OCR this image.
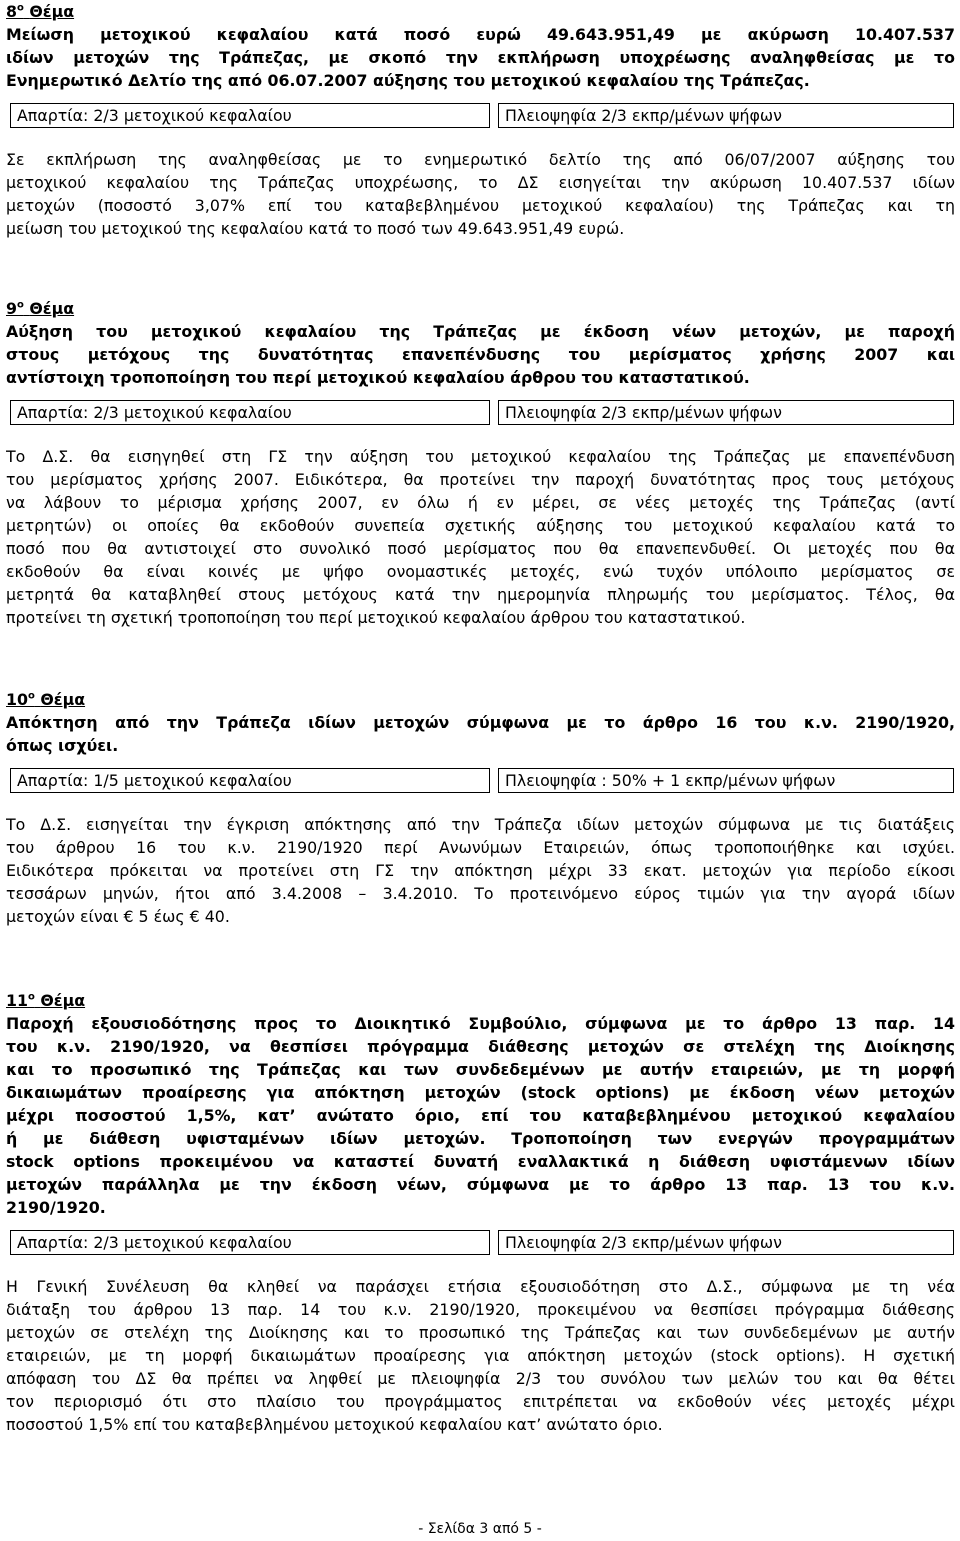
$8^o$ Θέμα
Μείωση μετοχικού κεφαλαίου κατά ποσό ευρώ 49.643.951,49 με ακύρωση 10.407.537
ιδίων μετοχών της Τράπεζας, με σκοπό την εκπλήρωση υποχρέωσης αναληφθείσας με το
Ενημερωτικό Δελτίο της από 06.07.2007 αύξησης του μετοχικού κεφαλαίου της Τράπεζας.
Απαρτία: 2/3 μετοχικού κεφαλαίου	Πλειοψηφία 2/3 εκπρ/μένων ψήφων
Σε εκπλήρωση της αναληφθείσας με το ενημερωτικό δελτίο της από 06/07/2007 αύξησης του
μετοχικού κεφαλαίου της Τράπεζας υποχρέωσης, το ΔΣ εισηγείται την ακύρωση 10.407.537 ιδίων
μετοχών (ποσοστό 3,07% επί του καταβεβλημένου μετοχικού κεφαλαίου) της Τράπεζας και τη
μείωση του μετοχικού της κεφαλαίου κατά το ποσό των 49.643.951,49 ευρώ.
$9^o$ Θέμα
Αύξηση του μετοχικού κεφαλαίου της Τράπεζας με έκδοση νέων μετοχών, με παροχή
στους μετόχους της δυνατότητας επανεπένδυσης του μερίσματος χρήσης 2007 και
αντίστοιχη τροποποίηση του περί μετοχικού κεφαλαίου άρθρου του καταστατικού.
Απαρτία: 2/3 μετοχικού κεφαλαίου	Πλειοψηφία 2/3 εκπρ/μένων ψήφων
Το Δ.Σ. θα εισηγηθεί στη ΓΣ την αύξηση του μετοχικού κεφαλαίου της Τράπεζας με επανεπένδυση
του μερίσματος χρήσης 2007. Ειδικότερα, θα προτείνει την παροχή δυνατότητας προς τους μετόχους
να λάβουν το μέρισμα χρήσης 2007, εν όλω ή εν μέρει, σε νέες μετοχές της Τράπεζας (αντί
μετρητών) οι οποίες θα εκδοθούν συνεπεία σχετικής αύξησης του μετοχικού κεφαλαίου κατά το
ποσό που θα αντιστοιχεί στο συνολικό ποσό μερίσματος που θα επανεπενδυθεί. Οι μετοχές που θα
εκδοθούν θα είναι κοινές με ψήφο ονομαστικές μετοχές, ενώ τυχόν υπόλοιπο μερίσματος σε
μετρητά θα καταβληθεί στους μετόχους κατά την ημερομηνία πληρωμής του μερίσματος. Τέλος, θα
προτείνει τη σχετική τροποποίηση του περί μετοχικού κεφαλαίου άρθρου του καταστατικού.
$10^o$ Θέμα
Απόκτηση από την Τράπεζα ιδίων μετοχών σύμφωνα με το άρθρο 16 του κ.ν. 2190/1920,
όπως ισχύει.
Απαρτία: 1/5 μετοχικού κεφαλαίου	Πλειοψηφία : 50% + 1 εκπρ/μένων ψήφων
Το Δ.Σ. εισηγείται την έγκριση απόκτησης από την Τράπεζα ιδίων μετοχών σύμφωνα με τις διατάξεις
του άρθρου 16 του κ.ν. 2190/1920 περί Ανωνύμων Εταιρειών, όπως τροποποιήθηκε και ισχύει.
Ειδικότερα πρόκειται να προτείνει στη ΓΣ την απόκτηση μέχρι 33 εκατ. μετοχών για περίοδο είκοσι
τεσσάρων μηνών, ήτοι από 3.4.2008 – 3.4.2010. Το προτεινόμενο εύρος τιμών για την αγορά ιδίων
μετοχών είναι € 5 έως € 40.
$11^o$ Θέμα
Παροχή εξουσιοδότησης προς το Διοικητικό Συμβούλιο, σύμφωνα με το άρθρο 13 παρ. 14
του κ.ν. 2190/1920, να θεσπίσει πρόγραμμα διάθεσης μετοχών σε στελέχη της Διοίκησης
και το προσωπικό της Τράπεζας και των συνδεδεμένων με αυτήν εταιρειών, με τη μορφή
δικαιωμάτων προαίρεσης για απόκτηση μετοχών (stock options) με έκδοση νέων μετοχών
μέχρι ποσοστού 1,5%, κατ’ ανώτατο όριο, επί του καταβεβλημένου μετοχικού κεφαλαίου
ή με διάθεση υφισταμένων ιδίων μετοχών. Τροποποίηση των ενεργών προγραμμάτων
stock options προκειμένου να καταστεί δυνατή εναλλακτικά η διάθεση υφιστάμενων ιδίων
μετοχών παράλληλα με την έκδοση νέων, σύμφωνα με το άρθρο 13 παρ. 13 του κ.ν.
2190/1920.
Απαρτία: 2/3 μετοχικού κεφαλαίου	Πλειοψηφία 2/3 εκπρ/μένων ψήφων
Η Γενική Συνέλευση θα κληθεί να παράσχει ετήσια εξουσιοδότηση στο Δ.Σ., σύμφωνα με τη νέα
διάταξη του άρθρου 13 παρ. 14 του κ.ν. 2190/1920, προκειμένου να θεσπίσει πρόγραμμα διάθεσης
μετοχών σε στελέχη της Διοίκησης και το προσωπικό της Τράπεζας και των συνδεδεμένων με αυτήν
εταιρειών, με τη μορφή δικαιωμάτων προαίρεσης για απόκτηση μετοχών (stock options). Η σχετική
απόφαση του ΔΣ θα πρέπει να ληφθεί με πλειοψηφία 2/3 του συνόλου των μελών του και θα θέτει
τον περιορισμό ότι στο πλαίσιο του προγράμματος επιτρέπεται να εκδοθούν νέες μετοχές μέχρι
ποσοστού 1,5% επί του καταβεβλημένου μετοχικού κεφαλαίου κατ’ ανώτατο όριο.
- Σελίδα 3 από 5 -
